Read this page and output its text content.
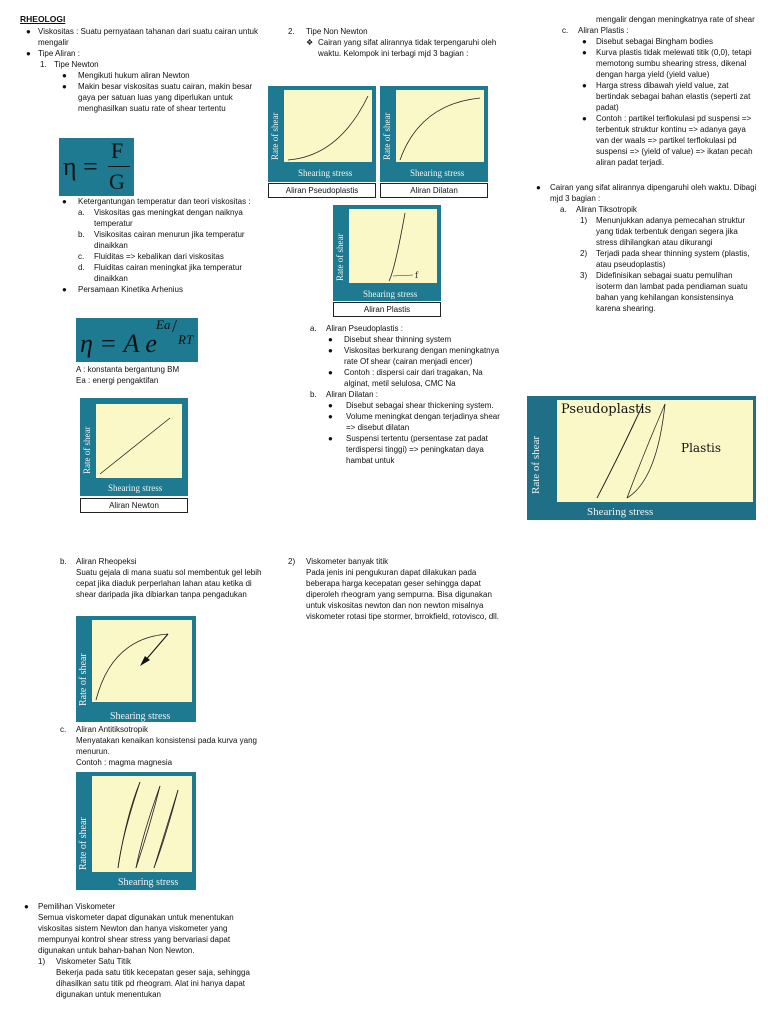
RHEOLOGI
● Viskositas : Suatu pernyataan tahanan dari suatu cairan untuk mengalir
● Tipe Aliran :
1. Tipe Newton
● Mengikuti hukum aliran Newton
● Makin besar viskositas suatu cairan, makin besar gaya per satuan luas yang diperlukan untuk menghasilkan suatu rate of shear tertentu
η =
F
G
● Ketergantungan temperatur dan teori viskositas :
a. Viskositas gas meningkat dengan naiknya temperatur
b. Visikositas cairan menurun jika temperatur dinaikkan
c. Fluiditas => kebalikan dari viskositas
d. Fluiditas cairan meningkat jika temperatur dinaikkan
● Persamaan Kinetika Arhenius
η = A e
Ea /
RT
A : konstanta bergantung BM
Ea : energi pengaktifan
Rate of shear
Shearing stress
Aliran Newton
2. Tipe Non Newton
❖ Cairan yang sifat alirannya tidak terpengaruhi oleh waktu. Kelompok ini terbagi mjd 3 bagian :
Rate of shear
Shearing stress
Aliran Pseudoplastis
Rate of shear
Shearing stress
Aliran Dilatan
f
Rate of shear
Shearing stress
Aliran Plastis
a. Aliran Pseudoplastis :
● Disebut shear thinning system
● Viskositas berkurang dengan meningkatnya rate Of shear (cairan menjadi encer)
● Contoh : dispersi cair dari tragakan, Na alginat, metil selulosa, CMC Na
b. Aliran Dilatan :
● Disebut sebagai shear thickening system.
● Volume meningkat dengan terjadinya shear => disebut dilatan
● Suspensi tertentu (persentase zat padat terdispersi tinggi) => peningkatan daya hambat untuk
mengalir dengan meningkatnya rate of shear
c. Aliran Plastis :
● Disebut sebagai Bingham bodies
● Kurva plastis tidak melewati titik (0,0), tetapi memotong sumbu shearing stress, dikenal dengan harga yield (yield value)
● Harga stress dibawah yield value, zat bertindak sebagai bahan elastis (seperti zat padat)
● Contoh : partikel terflokulasi pd suspensi => terbentuk struktur kontinu => adanya gaya van der waals => partikel terflokulasi pd suspensi => (yield of value) => ikatan pecah aliran padat terjadi.
● Cairan yang sifat alirannya dipengaruhi oleh waktu. Dibagi mjd 3 bagian :
a. Aliran Tiksotropik
1) Menunjukkan adanya pemecahan struktur yang tidak terbentuk dengan segera jika stress dihilangkan atau dikurangi
2) Terjadi pada shear thinning system (plastis, atau pseudoplastis)
3) Didefinisikan sebagai suatu pemulihan isoterm dan lambat pada pendiaman suatu bahan yang kehilangan konsistensinya karena shearing.
Pseudoplastis
Plastis
Rate of shear
Shearing stress
b. Aliran Rheopeksi
Suatu gejala di mana suatu sol membentuk gel lebih cepat jika diaduk perperlahan lahan atau ketika di shear daripada jika dibiarkan tanpa pengadukan
Rate of shear
Shearing stress
c. Aliran Antitiksotropik
Menyatakan kenaikan konsistensi pada kurva yang menurun.
Contoh : magma magnesia
Rate of shear
Shearing stress
● Pemilihan Viskometer
Semua viskometer dapat digunakan untuk menentukan viskositas sistem Newton dan hanya viskometer yang mempunyai kontrol shear stress yang bervariasi dapat digunakan untuk bahan-bahan Non Newton.
1) Viskometer Satu Titik
Bekerja pada satu titik kecepatan geser saja, sehingga dihasilkan satu titik pd rheogram. Alat ini hanya dapat digunakan untuk menentukan
2) Viskometer banyak titik
Pada jenis ini pengukuran dapat dilakukan pada beberapa harga kecepatan geser sehingga dapat diperoleh rheogram yang sempurna. Bisa digunakan untuk viskositas newton dan non newton misalnya viskometer rotasi tipe stormer, brrokfield, rotovisco, dll.
